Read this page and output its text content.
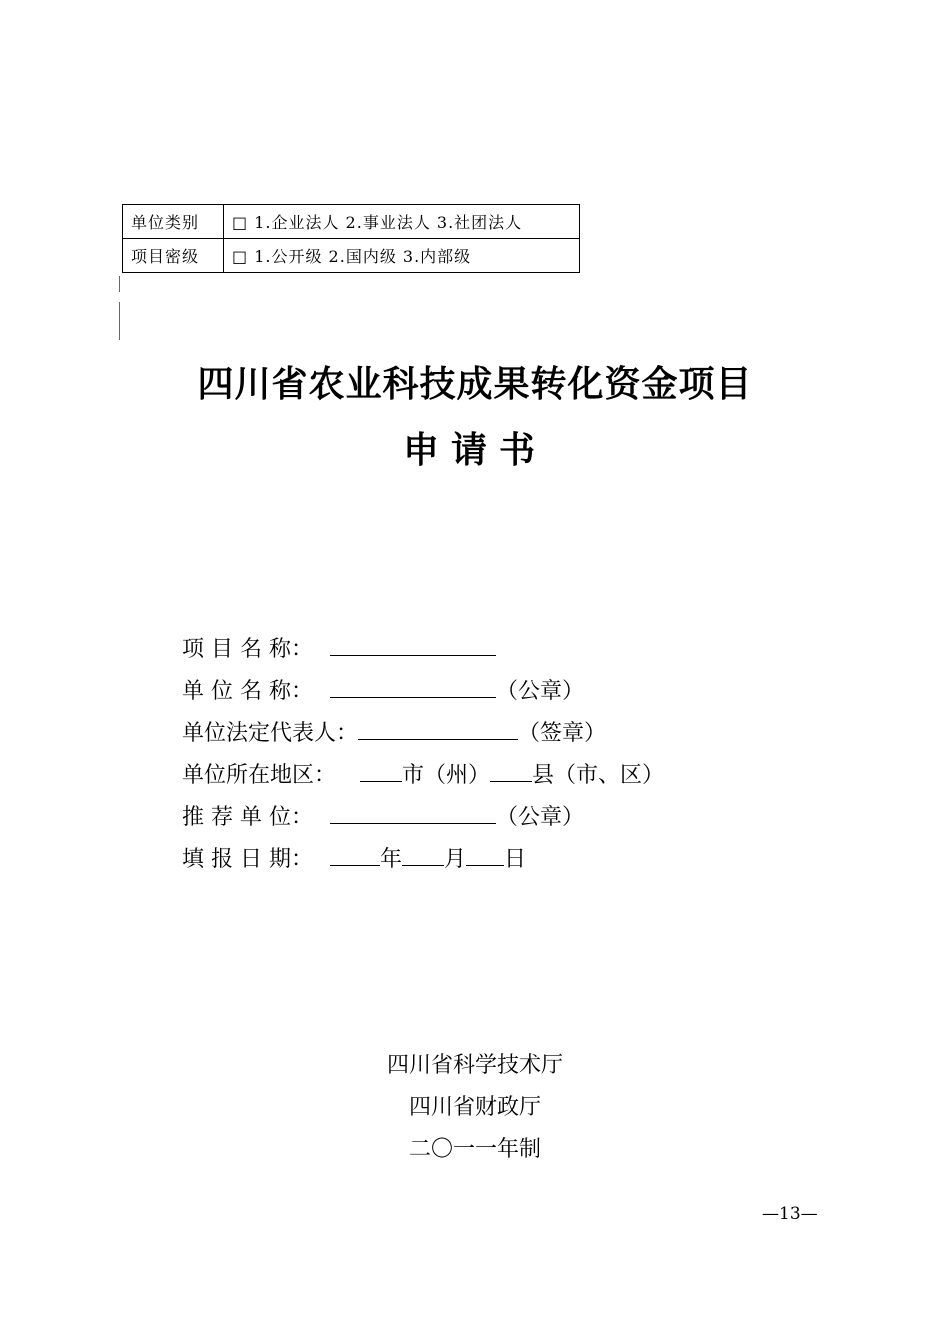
单位类别	□ 1.企业法人 2.事业法人 3.社团法人
项目密级	□ 1.公开级 2.国内级 3.内部级
四川省农业科技成果转化资金项目
申请书
项 目 名 称：
单 位 名 称：	（公章）
单位法定代表人：	（签章）
单位所在地区：	市（州） 县（市、区）
推 荐 单 位：	（公章）
填 报 日 期：	年 月 日
四川省科学技术厅
四川省财政厅
二〇一一年制
—13—
